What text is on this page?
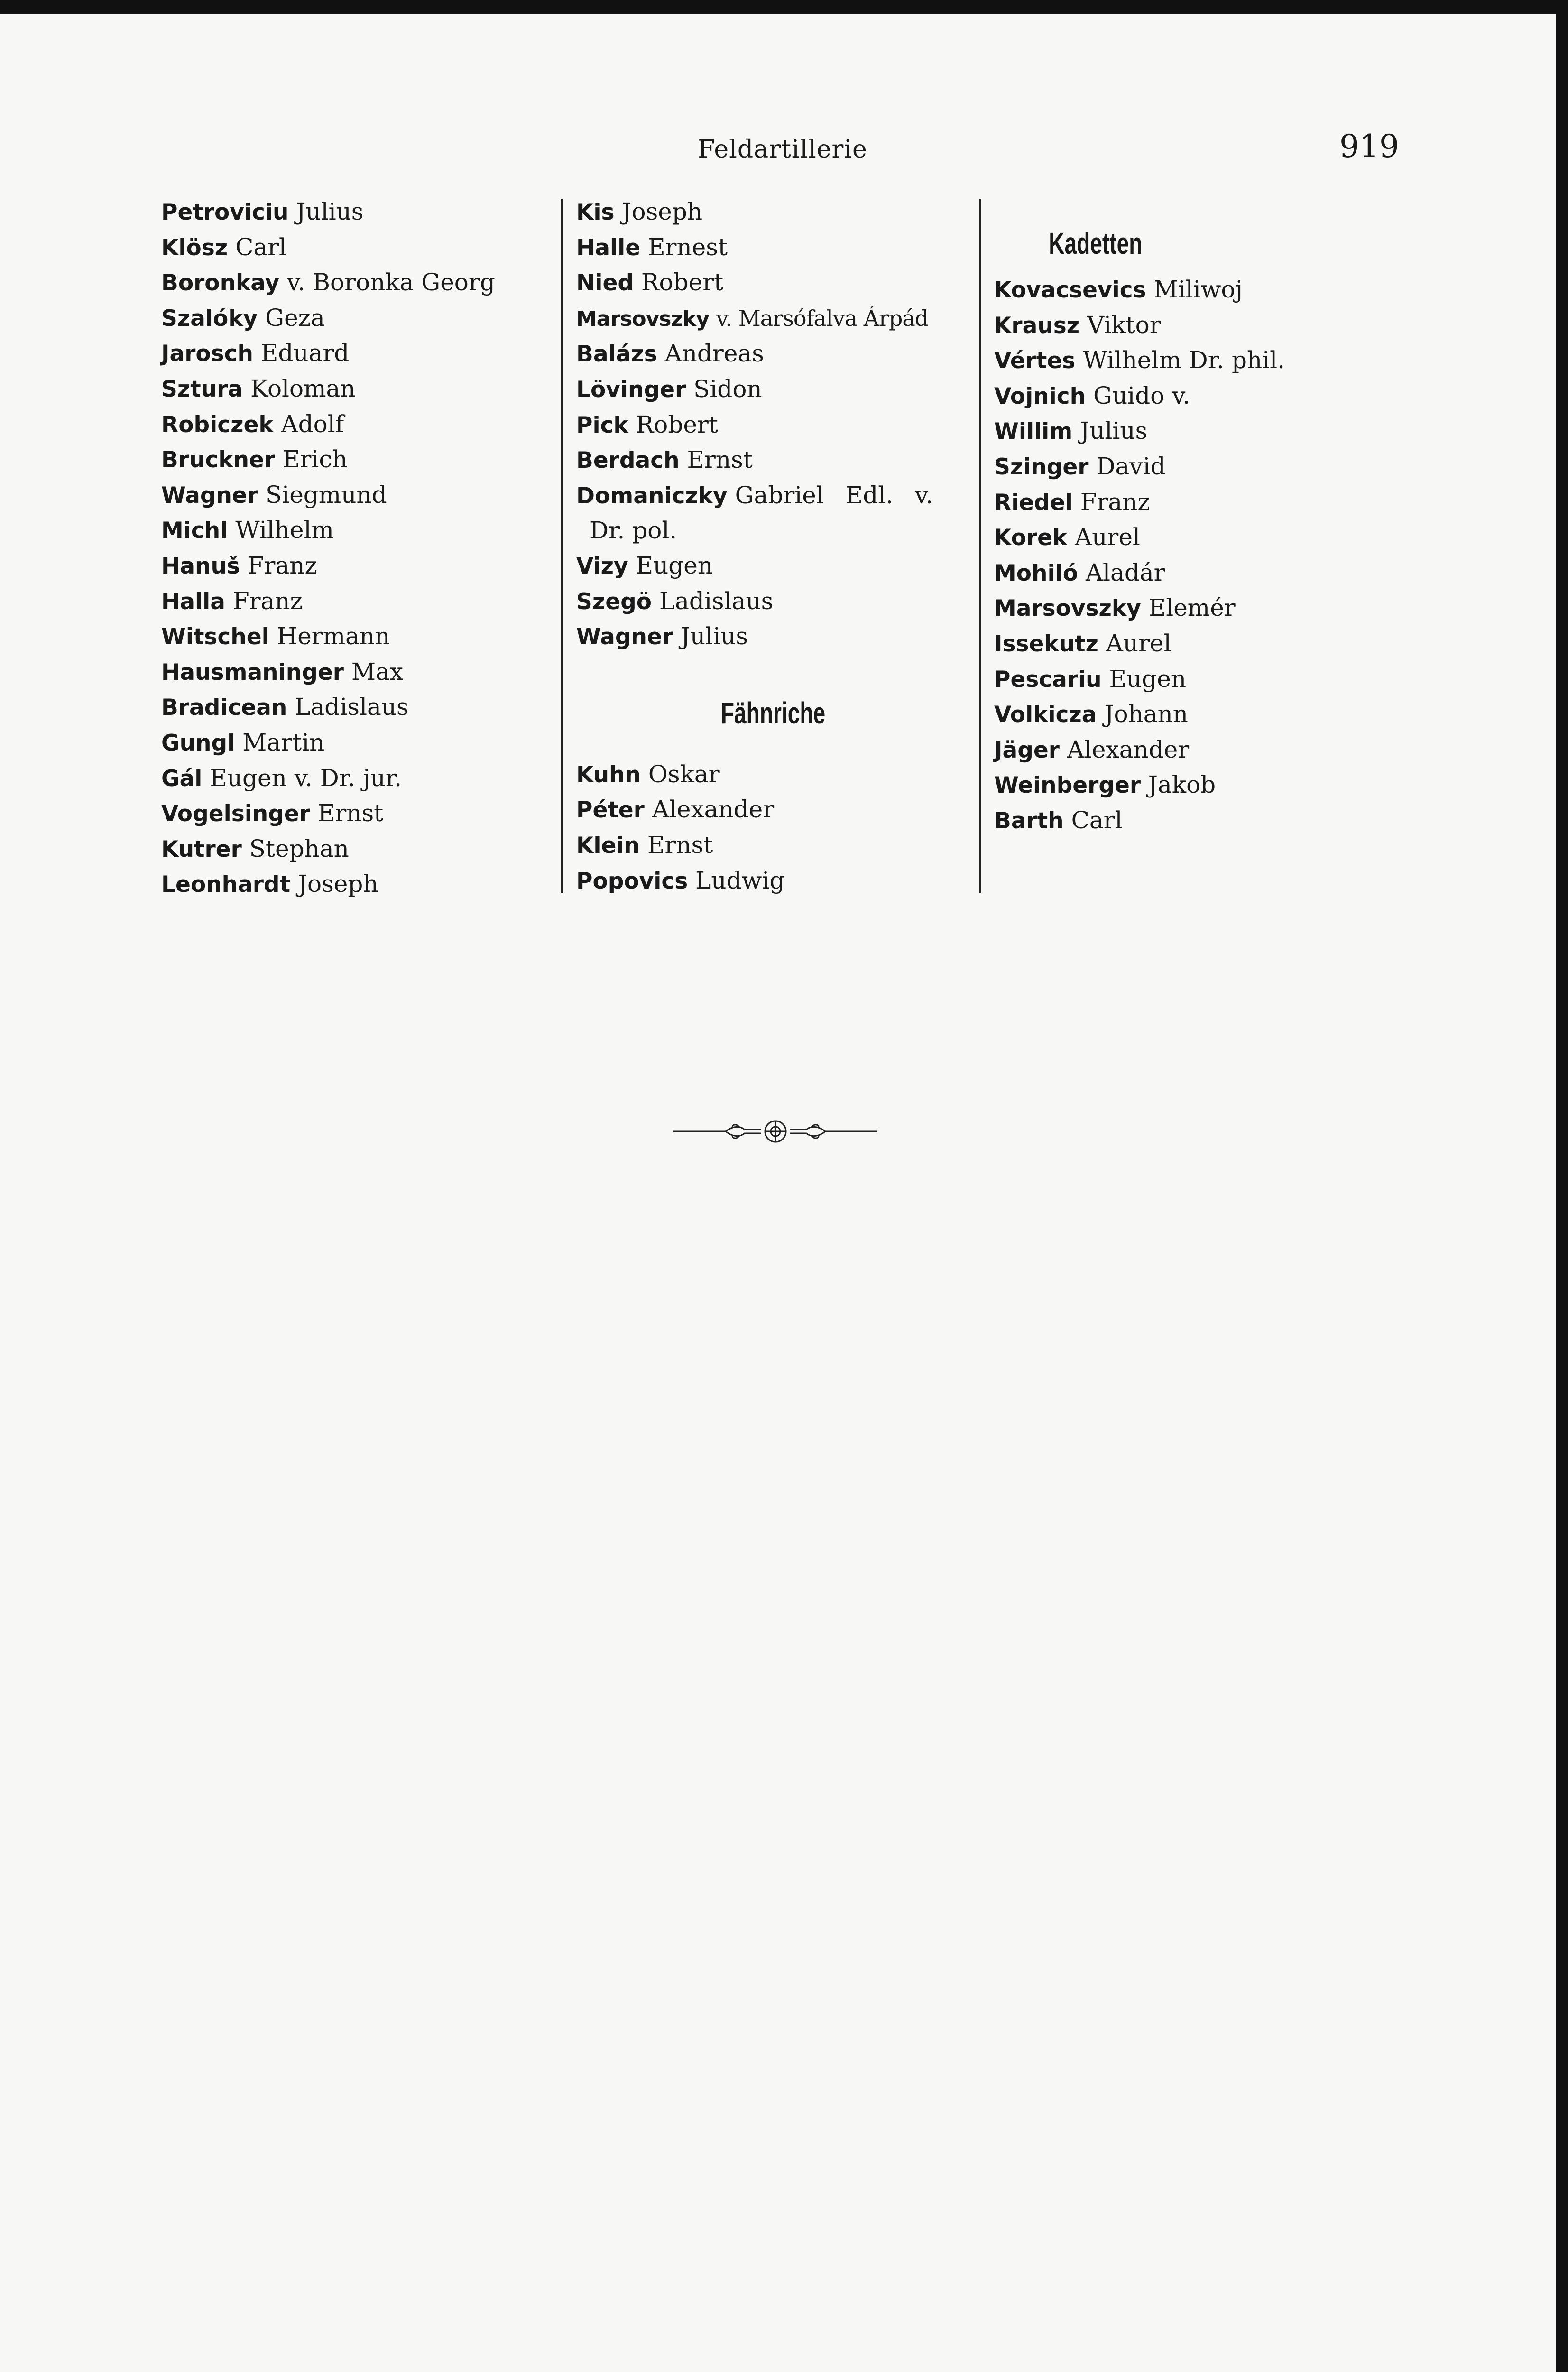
Feldartillerie	919
Petroviciu Julius
Klösz Carl
Boronkay v. Boronka Georg
Szalóky Geza
Jarosch Eduard
Sztura Koloman
Robiczek Adolf
Bruckner Erich
Wagner Siegmund
Michl Wilhelm
Hanuš Franz
Halla Franz
Witschel Hermann
Hausmaninger Max
Bradicean Ladislaus
Gungl Martin
Gál Eugen v. Dr. jur.
Vogelsinger Ernst
Kutrer Stephan
Leonhardt Joseph
Kis Joseph
Halle Ernest
Nied Robert
Marsovszky v. Marsófalva Árpád
Balázs Andreas
Lövinger Sidon
Pick Robert
Berdach Ernst
Domaniczky Gabriel Edl. v.
Dr. pol.
Vizy Eugen
Szegö Ladislaus
Wagner Julius
Fähnriche
Kuhn Oskar
Péter Alexander
Klein Ernst
Popovics Ludwig
Kadetten
Kovacsevics Miliwoj
Krausz Viktor
Vértes Wilhelm Dr. phil.
Vojnich Guido v.
Willim Julius
Szinger David
Riedel Franz
Korek Aurel
Mohiló Aladár
Marsovszky Elemér
Issekutz Aurel
Pescariu Eugen
Volkicza Johann
Jäger Alexander
Weinberger Jakob
Barth Carl
